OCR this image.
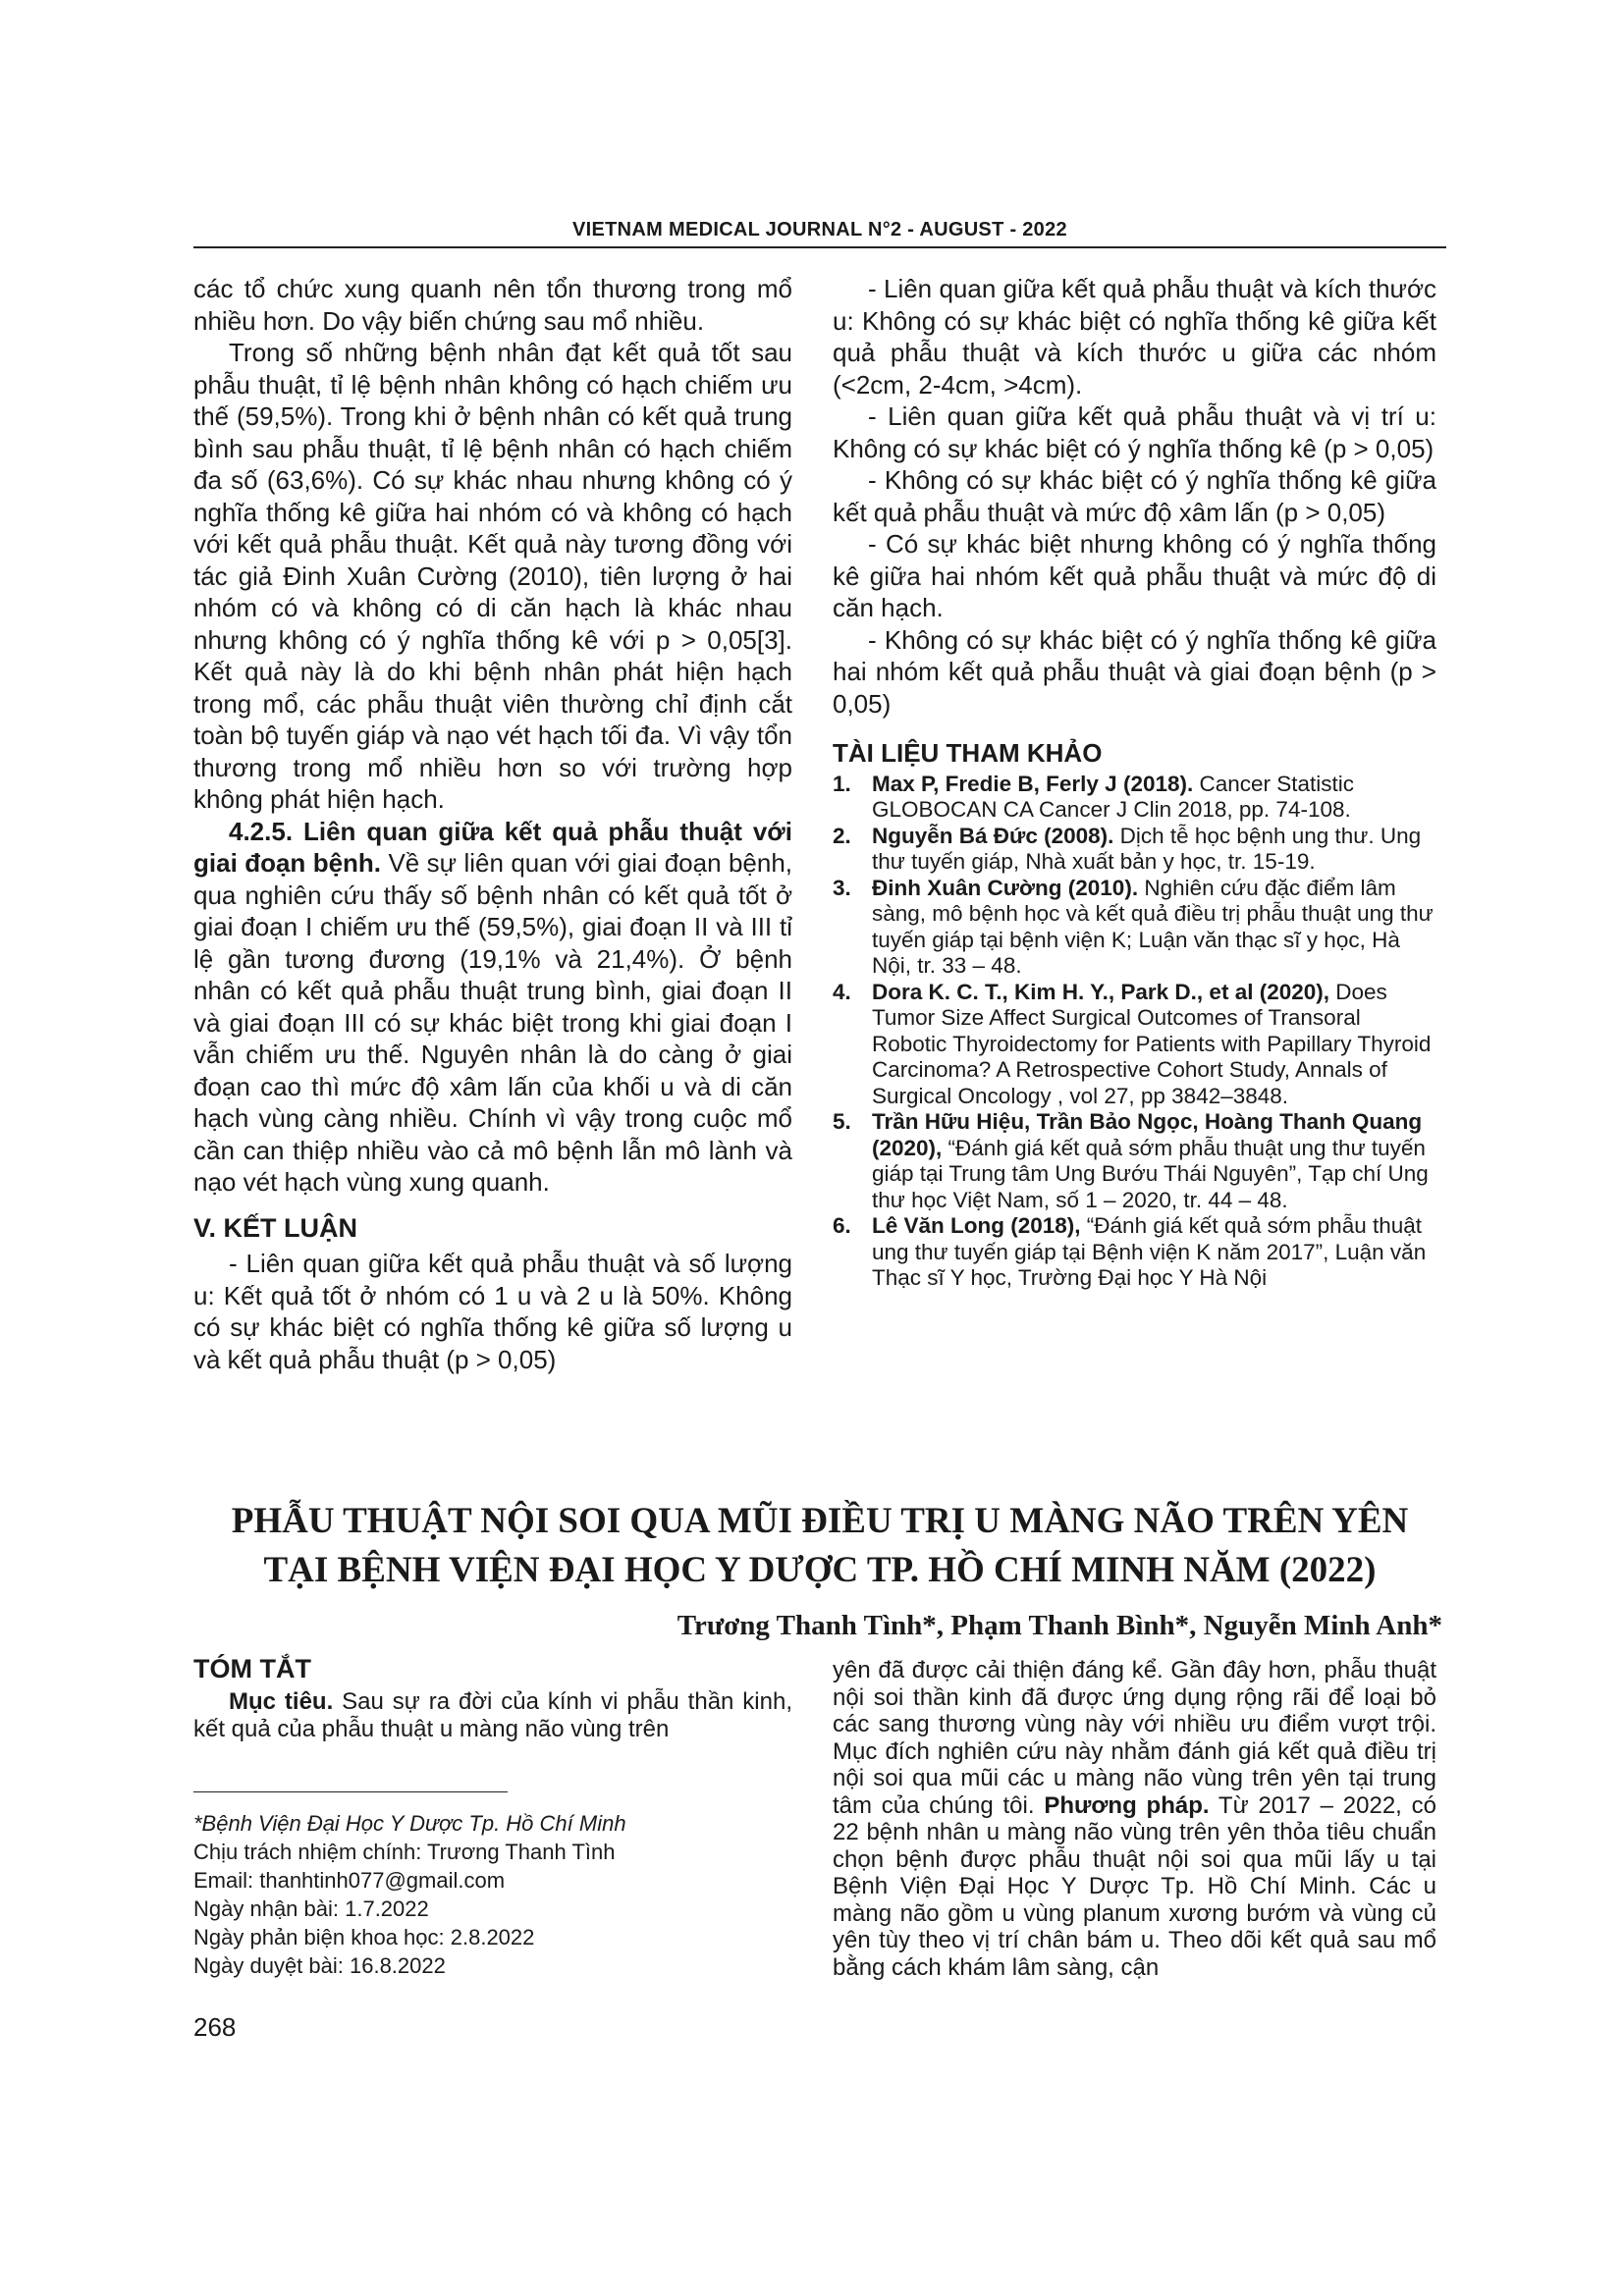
VIETNAM MEDICAL JOURNAL N°2 - AUGUST - 2022

các tổ chức xung quanh nên tổn thương trong mổ nhiều hơn. Do vậy biến chứng sau mổ nhiều.

Trong số những bệnh nhân đạt kết quả tốt sau phẫu thuật, tỉ lệ bệnh nhân không có hạch chiếm ưu thế (59,5%). Trong khi ở bệnh nhân có kết quả trung bình sau phẫu thuật, tỉ lệ bệnh nhân có hạch chiếm đa số (63,6%). Có sự khác nhau nhưng không có ý nghĩa thống kê giữa hai nhóm có và không có hạch với kết quả phẫu thuật. Kết quả này tương đồng với tác giả Đinh Xuân Cường (2010), tiên lượng ở hai nhóm có và không có di căn hạch là khác nhau nhưng không có ý nghĩa thống kê với p > 0,05[3]. Kết quả này là do khi bệnh nhân phát hiện hạch trong mổ, các phẫu thuật viên thường chỉ định cắt toàn bộ tuyến giáp và nạo vét hạch tối đa. Vì vậy tổn thương trong mổ nhiều hơn so với trường hợp không phát hiện hạch.

4.2.5. Liên quan giữa kết quả phẫu thuật với giai đoạn bệnh. Về sự liên quan với giai đoạn bệnh, qua nghiên cứu thấy số bệnh nhân có kết quả tốt ở giai đoạn I chiếm ưu thế (59,5%), giai đoạn II và III tỉ lệ gần tương đương (19,1% và 21,4%). Ở bệnh nhân có kết quả phẫu thuật trung bình, giai đoạn II và giai đoạn III có sự khác biệt trong khi giai đoạn I vẫn chiếm ưu thế. Nguyên nhân là do càng ở giai đoạn cao thì mức độ xâm lấn của khối u và di căn hạch vùng càng nhiều. Chính vì vậy trong cuộc mổ cần can thiệp nhiều vào cả mô bệnh lẫn mô lành và nạo vét hạch vùng xung quanh.

V. KẾT LUẬN

- Liên quan giữa kết quả phẫu thuật và số lượng u: Kết quả tốt ở nhóm có 1 u và 2 u là 50%. Không có sự khác biệt có nghĩa thống kê giữa số lượng u và kết quả phẫu thuật (p > 0,05)

- Liên quan giữa kết quả phẫu thuật và kích thước u: Không có sự khác biệt có nghĩa thống kê giữa kết quả phẫu thuật và kích thước u giữa các nhóm (<2cm, 2-4cm, >4cm).

- Liên quan giữa kết quả phẫu thuật và vị trí u: Không có sự khác biệt có ý nghĩa thống kê (p > 0,05)

- Không có sự khác biệt có ý nghĩa thống kê giữa kết quả phẫu thuật và mức độ xâm lấn (p > 0,05)

- Có sự khác biệt nhưng không có ý nghĩa thống kê giữa hai nhóm kết quả phẫu thuật và mức độ di căn hạch.

- Không có sự khác biệt có ý nghĩa thống kê giữa hai nhóm kết quả phẫu thuật và giai đoạn bệnh (p > 0,05)

TÀI LIỆU THAM KHẢO

1. Max P, Fredie B, Ferly J (2018). Cancer Statistic GLOBOCAN CA Cancer J Clin 2018, pp. 74-108.
2. Nguyễn Bá Đức (2008). Dịch tễ học bệnh ung thư. Ung thư tuyến giáp, Nhà xuất bản y học, tr. 15-19.
3. Đinh Xuân Cường (2010). Nghiên cứu đặc điểm lâm sàng, mô bệnh học và kết quả điều trị phẫu thuật ung thư tuyến giáp tại bệnh viện K; Luận văn thạc sĩ y học, Hà Nội, tr. 33 – 48.
4. Dora K. C. T., Kim H. Y., Park D., et al (2020), Does Tumor Size Affect Surgical Outcomes of Transoral Robotic Thyroidectomy for Patients with Papillary Thyroid Carcinoma? A Retrospective Cohort Study, Annals of Surgical Oncology , vol 27, pp 3842–3848.
5. Trần Hữu Hiệu, Trần Bảo Ngọc, Hoàng Thanh Quang (2020), “Đánh giá kết quả sớm phẫu thuật ung thư tuyến giáp tại Trung tâm Ung Bướu Thái Nguyên”, Tạp chí Ung thư học Việt Nam, số 1 – 2020, tr. 44 – 48.
6. Lê Văn Long (2018), “Đánh giá kết quả sớm phẫu thuật ung thư tuyến giáp tại Bệnh viện K năm 2017”, Luận văn Thạc sĩ Y học, Trường Đại học Y Hà Nội
PHẪU THUẬT NỘI SOI QUA MŨI ĐIỀU TRỊ U MÀNG NÃO TRÊN YÊN
TẠI BỆNH VIỆN ĐẠI HỌC Y DƯỢC TP. HỒ CHÍ MINH NĂM (2022)
Trương Thanh Tình*, Phạm Thanh Bình*, Nguyễn Minh Anh*

TÓM TẮT

Mục tiêu. Sau sự ra đời của kính vi phẫu thần kinh, kết quả của phẫu thuật u màng não vùng trên

yên đã được cải thiện đáng kể. Gần đây hơn, phẫu thuật nội soi thần kinh đã được ứng dụng rộng rãi để loại bỏ các sang thương vùng này với nhiều ưu điểm vượt trội. Mục đích nghiên cứu này nhằm đánh giá kết quả điều trị nội soi qua mũi các u màng não vùng trên yên tại trung tâm của chúng tôi. Phương pháp. Từ 2017 – 2022, có 22 bệnh nhân u màng não vùng trên yên thỏa tiêu chuẩn chọn bệnh được phẫu thuật nội soi qua mũi lấy u tại Bệnh Viện Đại Học Y Dược Tp. Hồ Chí Minh. Các u màng não gồm u vùng planum xương bướm và vùng củ yên tùy theo vị trí chân bám u. Theo dõi kết quả sau mổ bằng cách khám lâm sàng, cận

*Bệnh Viện Đại Học Y Dược Tp. Hồ Chí Minh

Chịu trách nhiệm chính: Trương Thanh Tình

Email: thanhtinh077@gmail.com

Ngày nhận bài: 1.7.2022

Ngày phản biện khoa học: 2.8.2022

Ngày duyệt bài: 16.8.2022

268
